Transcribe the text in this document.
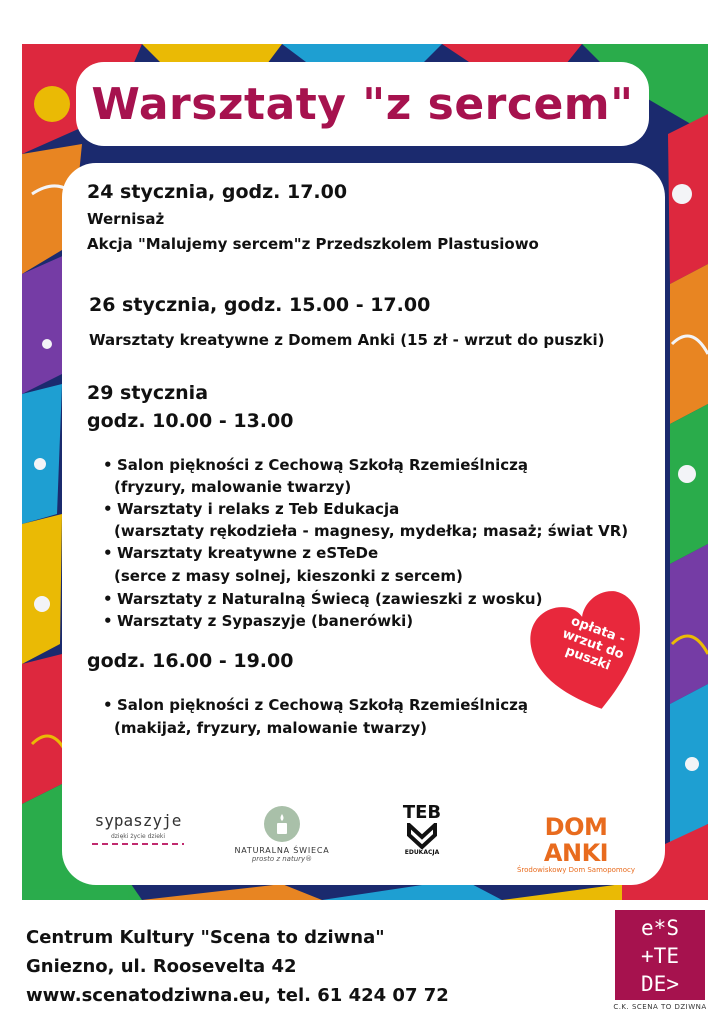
Warsztaty "z sercem"
24 stycznia, godz. 17.00
Wernisaż
Akcja "Malujemy sercem"z Przedszkolem Plastusiowo
26 stycznia, godz. 15.00 - 17.00
Warsztaty kreatywne z Domem Anki (15 zł - wrzut do puszki)
29 stycznia
godz. 10.00 - 13.00
• Salon piękności z Cechową Szkołą Rzemieślniczą
(fryzury, malowanie twarzy)
• Warsztaty i relaks z Teb Edukacja
(warsztaty rękodzieła - magnesy, mydełka; masaż; świat VR)
• Warsztaty kreatywne z eSTeDe
(serce z masy solnej, kieszonki z sercem)
• Warsztaty z Naturalną Świecą (zawieszki z wosku)
• Warsztaty z Sypaszyje (banerówki)
godz. 16.00 - 19.00
• Salon piękności z Cechową Szkołą Rzemieślniczą
(makijaż, fryzury, malowanie twarzy)
opłata - wrzut do puszki
sypaszyje
dzięki życie dzieki
NATURALNA ŚWIECA
prosto z natury®
TEB
EDUKACJA
DOM ANKI
Środowiskowy Dom Samopomocy
Centrum Kultury "Scena to dziwna"
Gniezno, ul. Roosevelta 42
www.scenatodziwna.eu, tel. 61 424 07 72
e*S
+TE
DE>
C.K. SCENA TO DZIWNA
